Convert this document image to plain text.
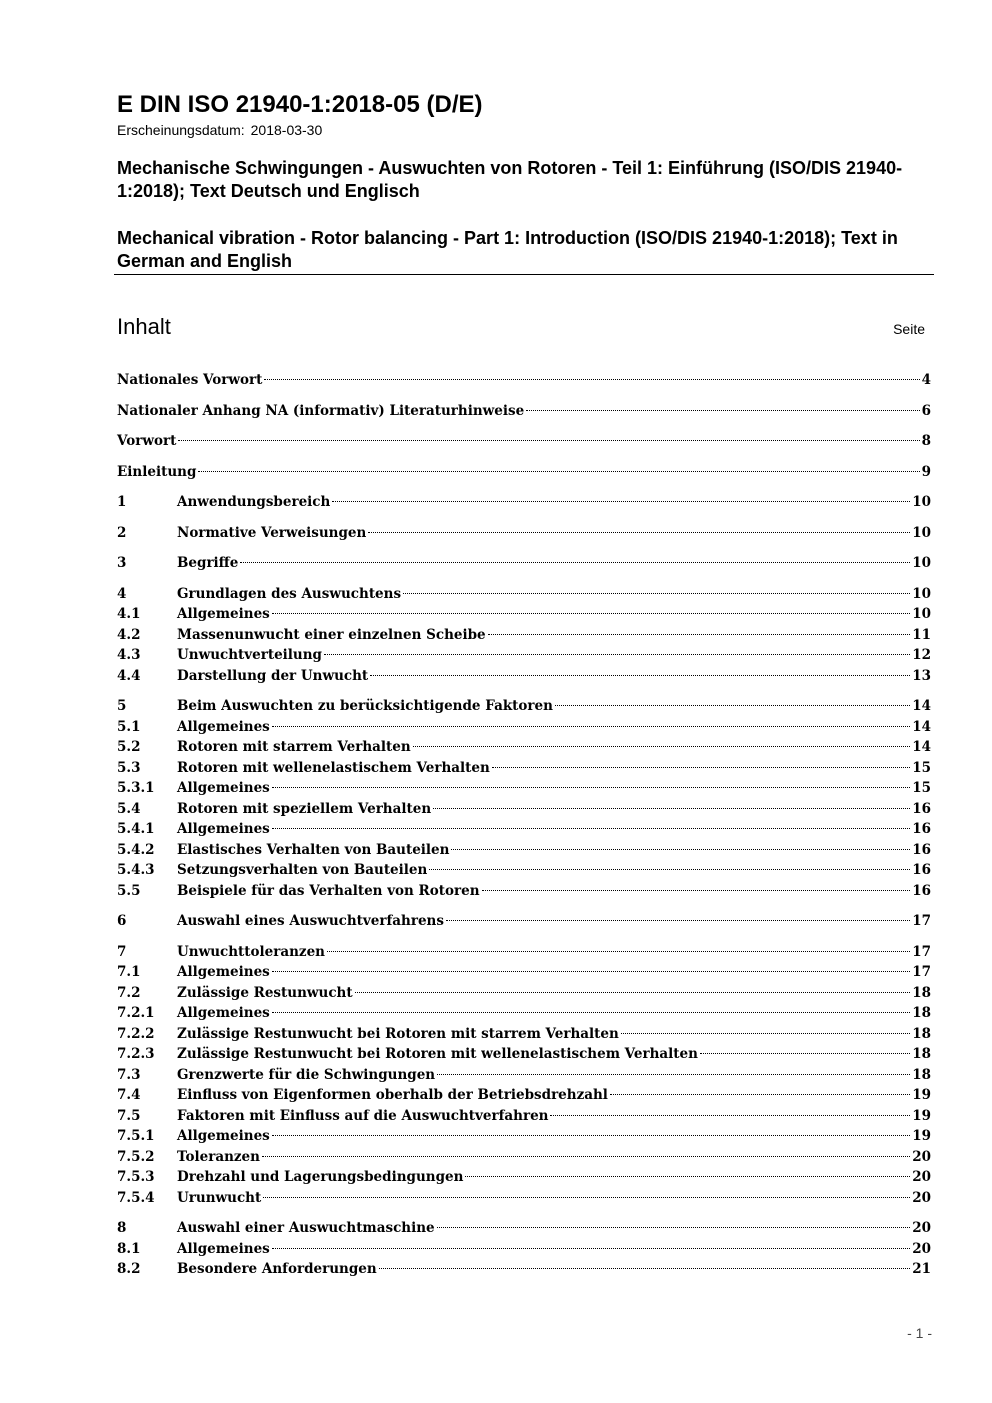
E DIN ISO 21940-1:2018-05 (D/E)
Erscheinungsdatum: 2018-03-30
Mechanische Schwingungen - Auswuchten von Rotoren - Teil 1: Einführung (ISO/DIS 21940-1:2018); Text Deutsch und Englisch
Mechanical vibration - Rotor balancing - Part 1: Introduction (ISO/DIS 21940-1:2018); Text in German and English
Inhalt	Seite
Nationales Vorwort	4
Nationaler Anhang NA (informativ) Literaturhinweise	6
Vorwort	8
Einleitung	9
1	Anwendungsbereich	10
2	Normative Verweisungen	10
3	Begriffe	10
4	Grundlagen des Auswuchtens	10
4.1	Allgemeines	10
4.2	Massenunwucht einer einzelnen Scheibe	11
4.3	Unwuchtverteilung	12
4.4	Darstellung der Unwucht	13
5	Beim Auswuchten zu berücksichtigende Faktoren	14
5.1	Allgemeines	14
5.2	Rotoren mit starrem Verhalten	14
5.3	Rotoren mit wellenelastischem Verhalten	15
5.3.1	Allgemeines	15
5.4	Rotoren mit speziellem Verhalten	16
5.4.1	Allgemeines	16
5.4.2	Elastisches Verhalten von Bauteilen	16
5.4.3	Setzungsverhalten von Bauteilen	16
5.5	Beispiele für das Verhalten von Rotoren	16
6	Auswahl eines Auswuchtverfahrens	17
7	Unwuchttoleranzen	17
7.1	Allgemeines	17
7.2	Zulässige Restunwucht	18
7.2.1	Allgemeines	18
7.2.2	Zulässige Restunwucht bei Rotoren mit starrem Verhalten	18
7.2.3	Zulässige Restunwucht bei Rotoren mit wellenelastischem Verhalten	18
7.3	Grenzwerte für die Schwingungen	18
7.4	Einfluss von Eigenformen oberhalb der Betriebsdrehzahl	19
7.5	Faktoren mit Einfluss auf die Auswuchtverfahren	19
7.5.1	Allgemeines	19
7.5.2	Toleranzen	20
7.5.3	Drehzahl und Lagerungsbedingungen	20
7.5.4	Urunwucht	20
8	Auswahl einer Auswuchtmaschine	20
8.1	Allgemeines	20
8.2	Besondere Anforderungen	21
- 1 -
